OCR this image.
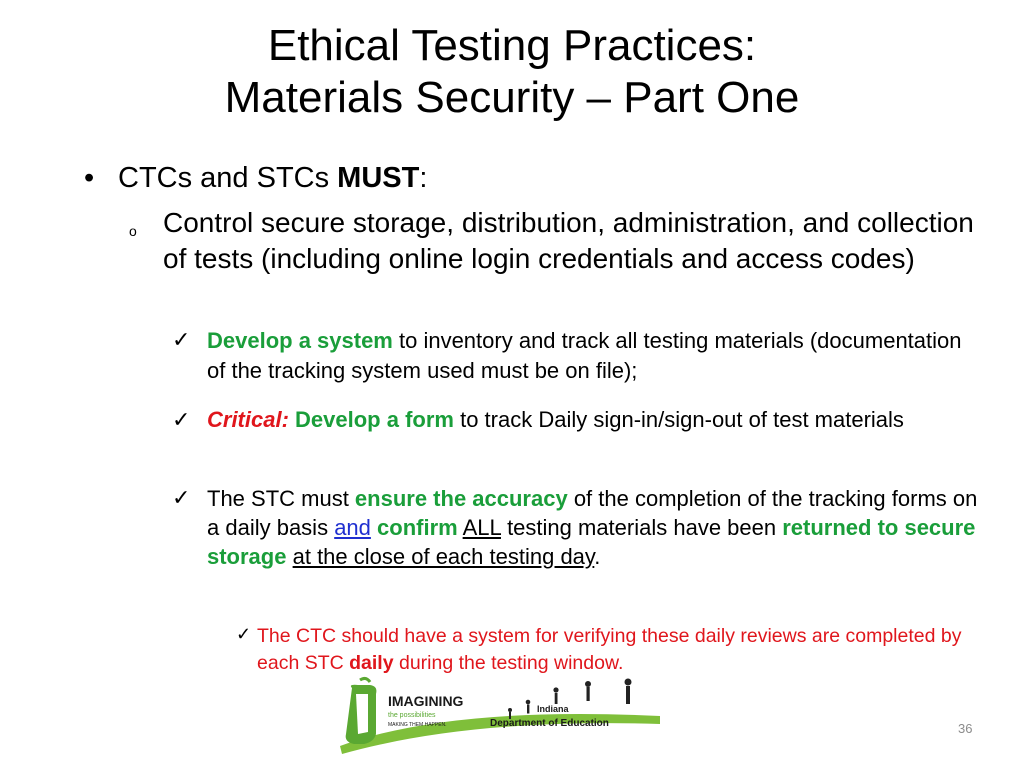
Ethical Testing Practices:
Materials Security – Part One
• CTCs and STCs MUST:
o Control secure storage, distribution, administration, and collection of tests (including online login credentials and access codes)
✓ Develop a system to inventory and track all testing materials (documentation of the tracking system used must be on file);
✓ Critical: Develop a form to track Daily sign-in/sign-out of test materials
✓ The STC must ensure the accuracy of the completion of the tracking forms on a daily basis and confirm ALL testing materials have been returned to secure storage at the close of each testing day.
✓ The CTC should have a system for verifying these daily reviews are completed by each STC daily during the testing window.
IMAGINING
the possibilities
MAKING THEM HAPPEN.
Indiana
Department of Education	36
